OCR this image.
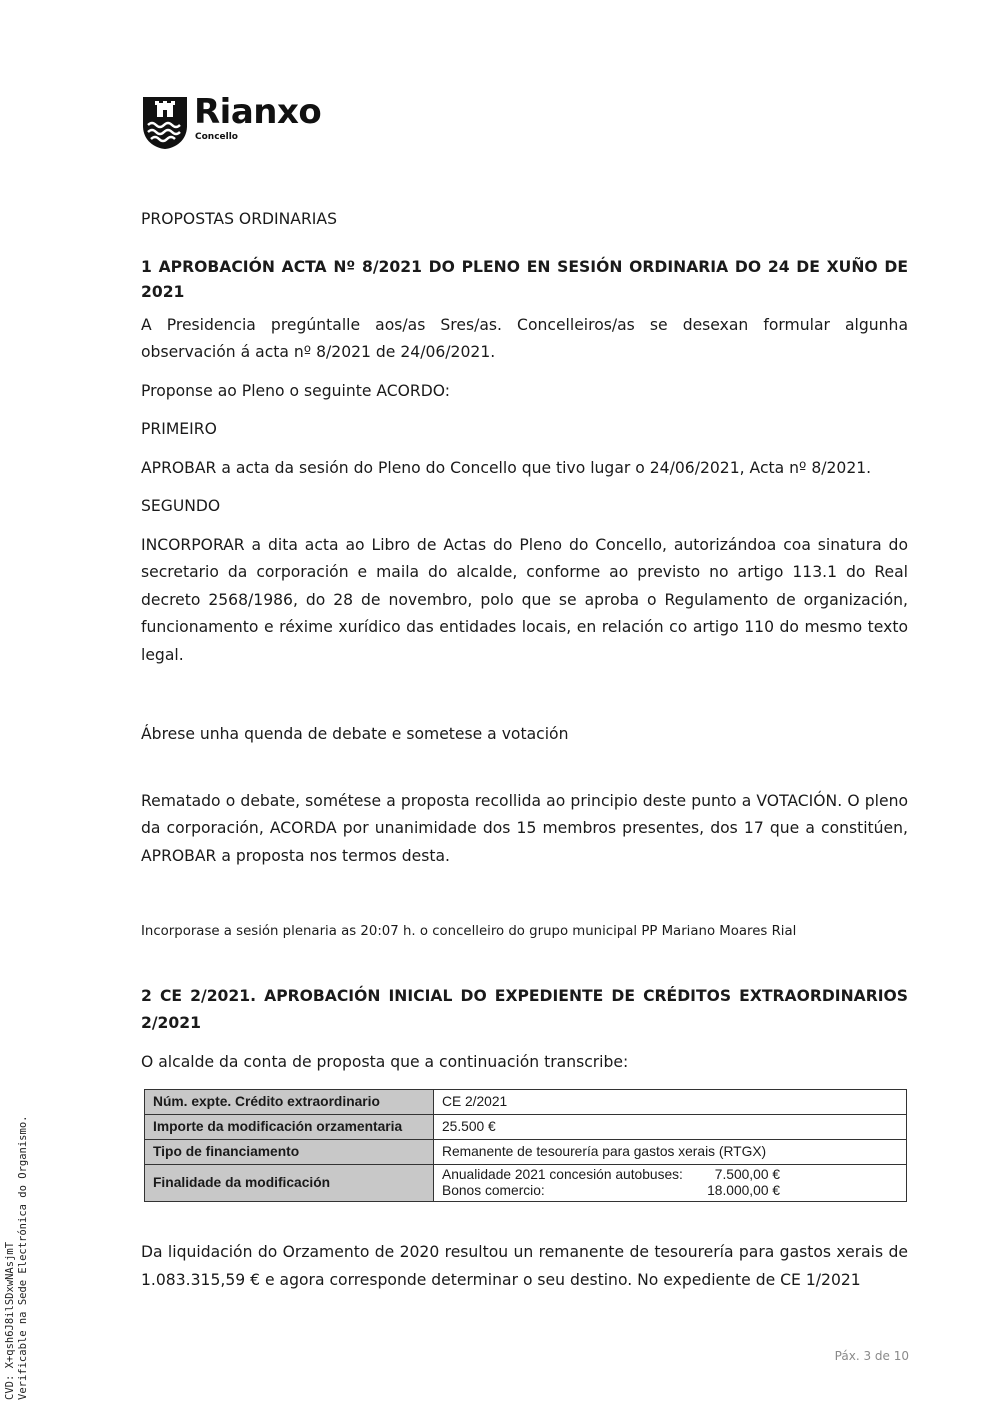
Rianxo
Concello

PROPOSTAS ORDINARIAS

1 APROBACIÓN ACTA Nº 8/2021 DO PLENO EN SESIÓN ORDINARIA DO 24 DE XUÑO DE 2021

A Presidencia pregúntalle aos/as Sres/as. Concelleiros/as se desexan formular algunha observación á acta nº 8/2021 de 24/06/2021.

Proponse ao Pleno o seguinte ACORDO:

PRIMEIRO

APROBAR a acta da sesión do Pleno do Concello que tivo lugar o 24/06/2021, Acta nº 8/2021.

SEGUNDO

INCORPORAR a dita acta ao Libro de Actas do Pleno do Concello, autorizándoa coa sinatura do secretario da corporación e maila do alcalde, conforme ao previsto no artigo 113.1 do Real decreto 2568/1986, do 28 de novembro, polo que se aproba o Regulamento de organización, funcionamento e réxime xurídico das entidades locais, en relación co artigo 110 do mesmo texto legal.

Ábrese unha quenda de debate e sometese a votación

Rematado o debate, sométese a proposta recollida ao principio deste punto a VOTACIÓN. O pleno da corporación, ACORDA por unanimidade dos 15 membros presentes, dos 17 que a constitúen, APROBAR a proposta nos termos desta.

Incorporase a sesión plenaria as 20:07 h. o concelleiro do grupo municipal PP Mariano Moares Rial

2 CE 2/2021. APROBACIÓN INICIAL DO EXPEDIENTE DE CRÉDITOS EXTRAORDINARIOS 2/2021

O alcalde da conta de proposta que a continuación transcribe:

Núm. expte. Crédito extraordinario	CE 2/2021
Importe da modificación orzamentaria	25.500 €
Tipo de financiamento	Remanente de tesourería para gastos xerais (RTGX)
Finalidade da modificación	Anualidade 2021 concesión autobuses: 7.500,00 €
Bonos comercio: 18.000,00 €

Da liquidación do Orzamento de 2020 resultou un remanente de tesourería para gastos xerais de 1.083.315,59 € e agora corresponde determinar o seu destino. No expediente de CE 1/2021

CVD: X+qsh6J8ilSDxwNAsjmT Verificable na Sede Electrónica do Organismo.	Páx. 3 de 10
